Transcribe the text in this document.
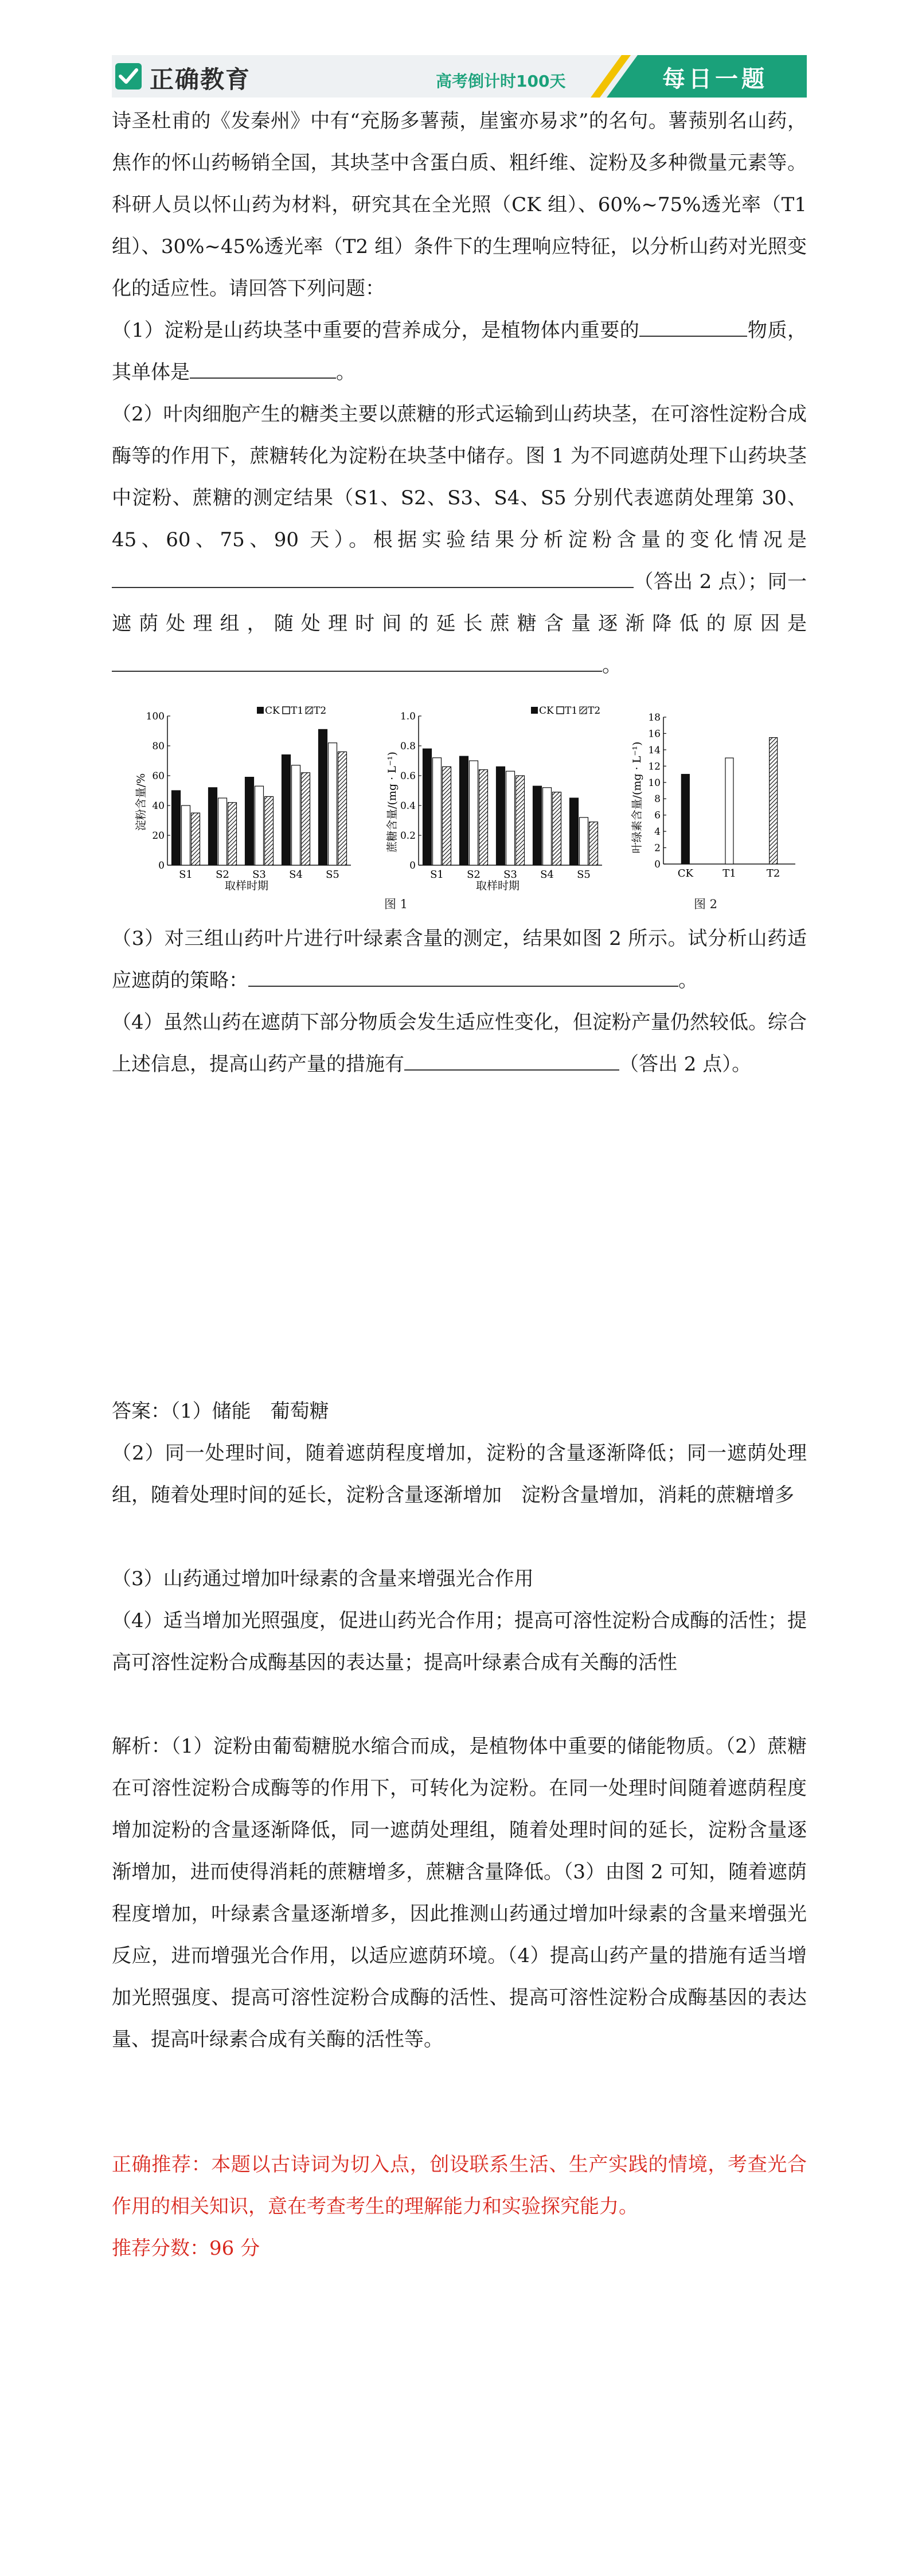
正确教育	高考倒计时100天	每日一题

诗圣杜甫的《发秦州》中有“充肠多薯蓣，崖蜜亦易求”的名句。薯蓣别名山药，焦作的怀山药畅销全国，其块茎中含蛋白质、粗纤维、淀粉及多种微量元素等。科研人员以怀山药为材料，研究其在全光照（CK 组）、60%~75%透光率（T1 组）、30%~45%透光率（T2 组）条件下的生理响应特征，以分析山药对光照变化的适应性。请回答下列问题：

（1）淀粉是山药块茎中重要的营养成分，是植物体内重要的	物质，其单体是	。

（2）叶肉细胞产生的糖类主要以蔗糖的形式运输到山药块茎，在可溶性淀粉合成酶等的作用下，蔗糖转化为淀粉在块茎中储存。图 1 为不同遮荫处理下山药块茎中淀粉、蔗糖的测定结果（S1、S2、S3、S4、S5 分别代表遮荫处理第 30、45、60、75、90 天）。根据实验结果分析淀粉含量的变化情况是（答出 2 点）；同一遮荫处理组，随处理时间的延长蔗糖含量逐渐降低的原因是。

取样时期
淀粉含量/%
CK T1 T2
0
20
40
60
80
100
S1 S2 S3 S4 S5
取样时期
蔗糖含量/(mg · L⁻¹)
CK T1 T2
0
0.2
0.4
0.6
0.8
1.0
S1 S2 S3 S4 S5
叶绿素含量/(mg · L⁻¹)
0
2
4
6
8
10
12
14
16
18
CK	T1	T2
图 1	图 2

（3）对三组山药叶片进行叶绿素含量的测定，结果如图 2 所示。试分析山药适应遮荫的策略：	。

（4）虽然山药在遮荫下部分物质会发生适应性变化，但淀粉产量仍然较低。综合上述信息，提高山药产量的措施有	（答出 2 点）。

答案：（1）储能　葡萄糖

（2）同一处理时间，随着遮荫程度增加，淀粉的含量逐渐降低；同一遮荫处理组，随着处理时间的延长，淀粉含量逐渐增加　淀粉含量增加，消耗的蔗糖增多

（3）山药通过增加叶绿素的含量来增强光合作用

（4）适当增加光照强度，促进山药光合作用；提高可溶性淀粉合成酶的活性；提高可溶性淀粉合成酶基因的表达量；提高叶绿素合成有关酶的活性

解析：（1）淀粉由葡萄糖脱水缩合而成，是植物体中重要的储能物质。（2）蔗糖在可溶性淀粉合成酶等的作用下，可转化为淀粉。在同一处理时间随着遮荫程度增加淀粉的含量逐渐降低，同一遮荫处理组，随着处理时间的延长，淀粉含量逐渐增加，进而使得消耗的蔗糖增多，蔗糖含量降低。（3）由图 2 可知，随着遮荫程度增加，叶绿素含量逐渐增多，因此推测山药通过增加叶绿素的含量来增强光反应，进而增强光合作用，以适应遮荫环境。（4）提高山药产量的措施有适当增加光照强度、提高可溶性淀粉合成酶的活性、提高可溶性淀粉合成酶基因的表达量、提高叶绿素合成有关酶的活性等。

正确推荐：本题以古诗词为切入点，创设联系生活、生产实践的情境，考查光合作用的相关知识，意在考查考生的理解能力和实验探究能力。

推荐分数：96 分
